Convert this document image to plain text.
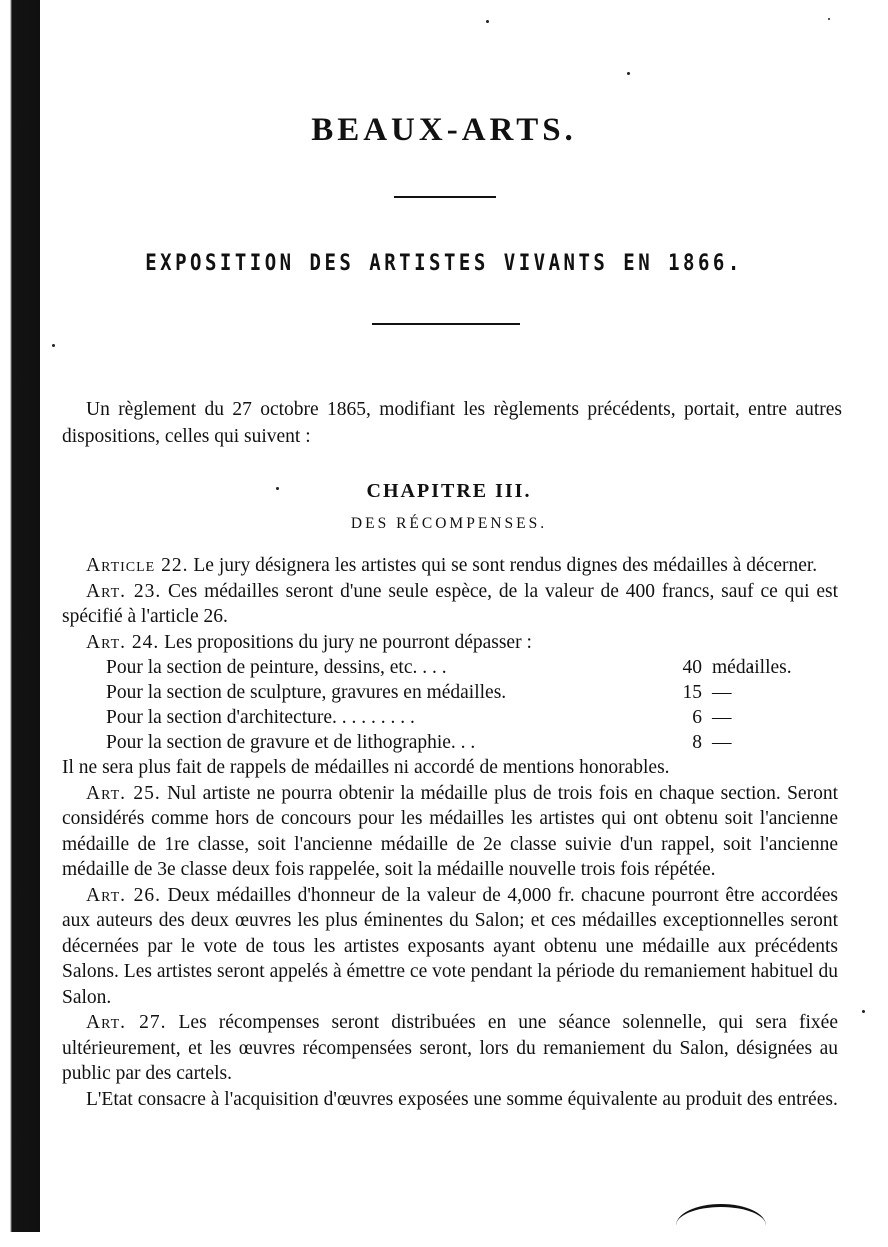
BEAUX-ARTS.
EXPOSITION DES ARTISTES VIVANTS EN 1866.
Un règlement du 27 octobre 1865, modifiant les règlements précédents, portait, entre autres dispositions, celles qui suivent :
CHAPITRE III.
DES RÉCOMPENSES.

Article 22. Le jury désignera les artistes qui se sont rendus dignes des médailles à décerner.

Art. 23. Ces médailles seront d'une seule espèce, de la valeur de 400 francs, sauf ce qui est spécifié à l'article 26.

Art. 24. Les propositions du jury ne pourront dépasser :

Pour la section de peinture, dessins, etc. . . .	40 médailles.
Pour la section de sculpture, gravures en médailles.	15 —
Pour la section d'architecture. . . . . . . . .	6 —
Pour la section de gravure et de lithographie. . .	8 —

Il ne sera plus fait de rappels de médailles ni accordé de mentions honorables.

Art. 25. Nul artiste ne pourra obtenir la médaille plus de trois fois en chaque section. Seront considérés comme hors de concours pour les médailles les artistes qui ont obtenu soit l'ancienne médaille de 1re classe, soit l'ancienne médaille de 2e classe suivie d'un rappel, soit l'ancienne médaille de 3e classe deux fois rappelée, soit la médaille nouvelle trois fois répétée.

Art. 26. Deux médailles d'honneur de la valeur de 4,000 fr. chacune pourront être accordées aux auteurs des deux œuvres les plus éminentes du Salon; et ces médailles exceptionnelles seront décernées par le vote de tous les artistes exposants ayant obtenu une médaille aux précédents Salons. Les artistes seront appelés à émettre ce vote pendant la période du remaniement habituel du Salon.

Art. 27. Les récompenses seront distribuées en une séance solennelle, qui sera fixée ultérieurement, et les œuvres récompensées seront, lors du remaniement du Salon, désignées au public par des cartels.

L'Etat consacre à l'acquisition d'œuvres exposées une somme équivalente au produit des entrées.
